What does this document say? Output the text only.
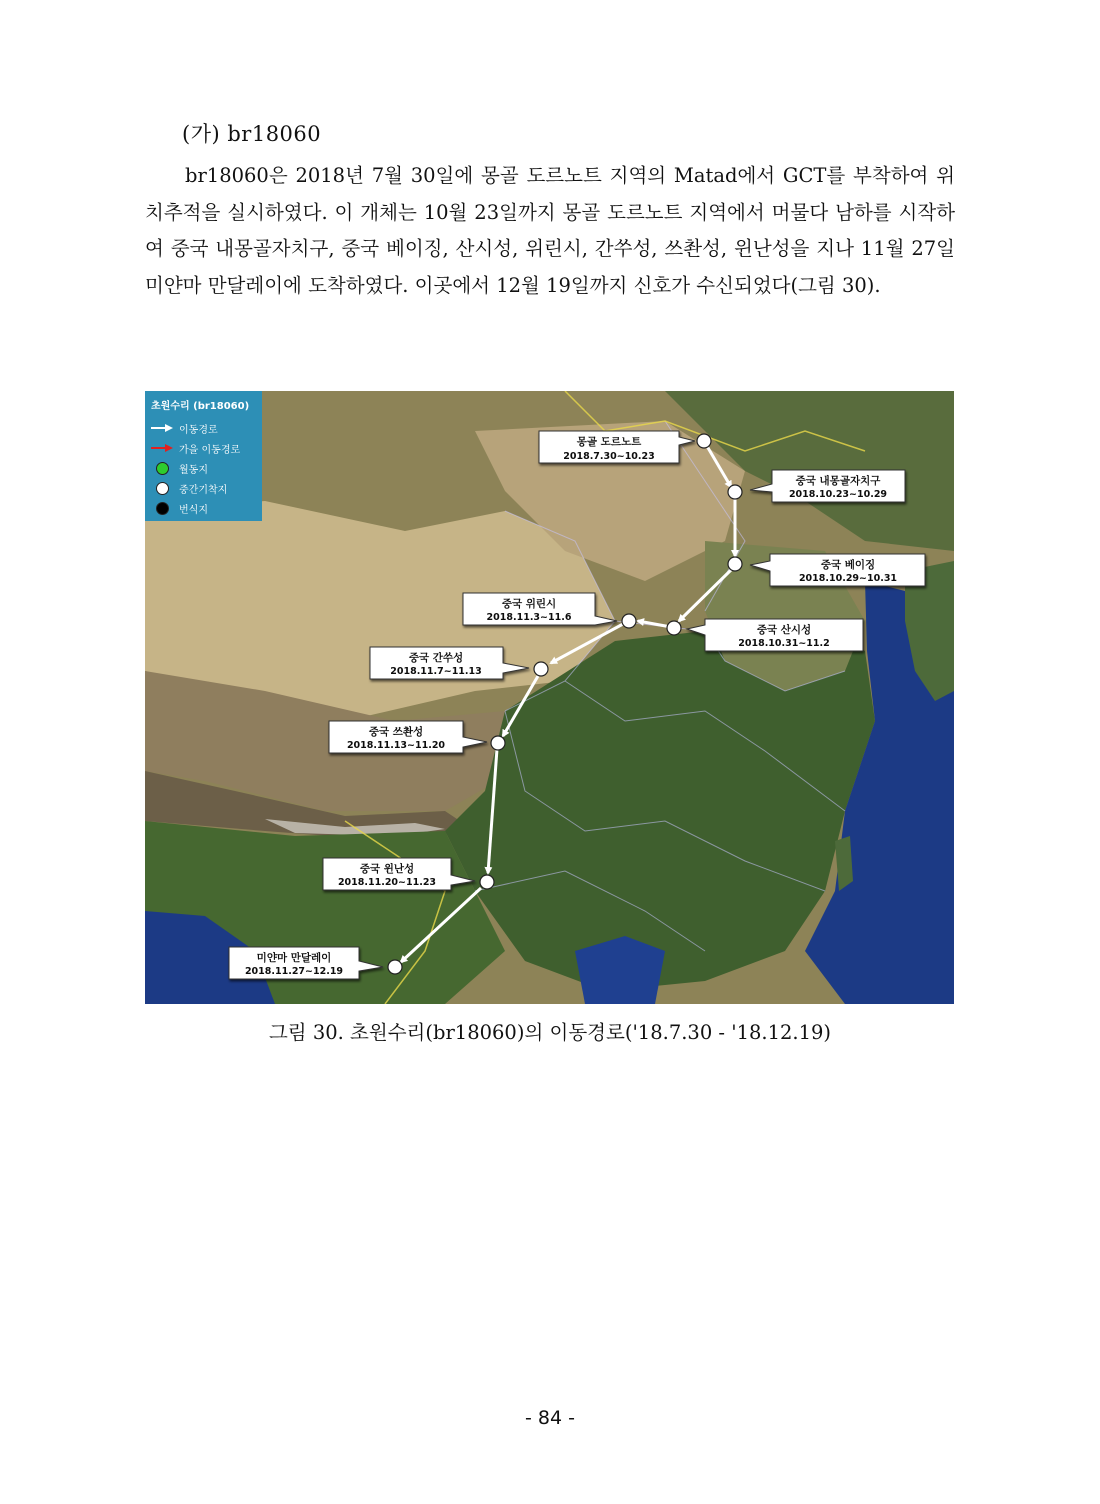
(가) br18060

br18060은 2018년 7월 30일에 몽골 도르노트 지역의 Matad에서 GCT를 부착하여 위치추적을 실시하였다. 이 개체는 10월 23일까지 몽골 도르노트 지역에서 머물다 남하를 시작하여 중국 내몽골자치구, 중국 베이징, 산시성, 위린시, 간쑤성, 쓰촨성, 윈난성을 지나 11월 27일 미얀마 만달레이에 도착하였다. 이곳에서 12월 19일까지 신호가 수신되었다(그림 30).

몽골 도르노트
2018.7.30~10.23
중국 내몽골자치구
2018.10.23~10.29
중국 베이징
2018.10.29~10.31
중국 산시성
2018.10.31~11.2
중국 위린시
2018.11.3~11.6
중국 간쑤성
2018.11.7~11.13
중국 쓰촨성
2018.11.13~11.20
중국 윈난성
2018.11.20~11.23
미얀마 만달레이
2018.11.27~12.19
초원수리 (br18060)
이동경로
가을 이동경로
월동지
중간기착지
번식지
그림 30. 초원수리(br18060)의 이동경로('18.7.30 - '18.12.19)
- 84 -
